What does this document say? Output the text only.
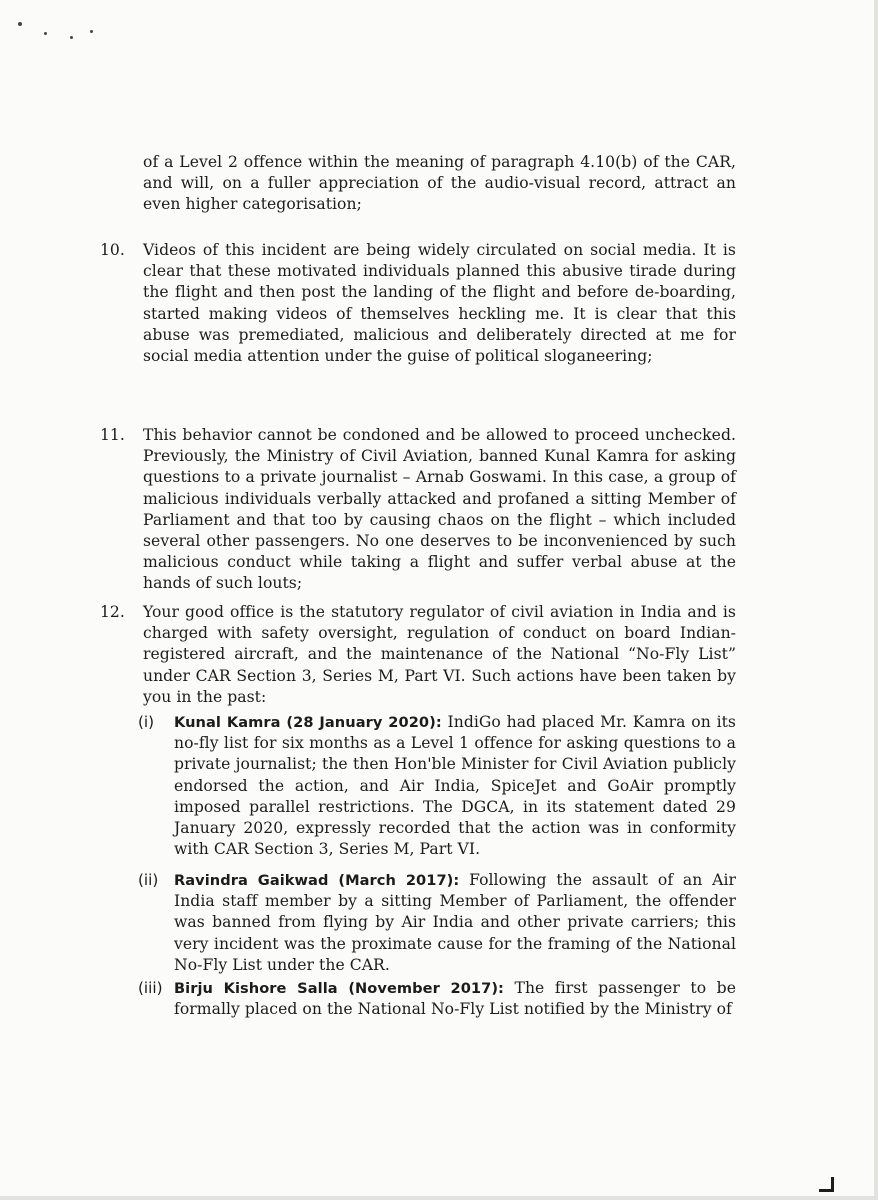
of a Level 2 offence within the meaning of paragraph 4.10(b) of the CAR, and will, on a fuller appreciation of the audio-visual record, attract an even higher categorisation;
10.	Videos of this incident are being widely circulated on social media. It is clear that these motivated individuals planned this abusive tirade during the flight and then post the landing of the flight and before de-boarding, started making videos of themselves heckling me. It is clear that this abuse was premediated, malicious and deliberately directed at me for social media attention under the guise of political sloganeering;
11.	This behavior cannot be condoned and be allowed to proceed unchecked. Previously, the Ministry of Civil Aviation, banned Kunal Kamra for asking questions to a private journalist – Arnab Goswami. In this case, a group of malicious individuals verbally attacked and profaned a sitting Member of Parliament and that too by causing chaos on the flight – which included several other passengers. No one deserves to be inconvenienced by such malicious conduct while taking a flight and suffer verbal abuse at the hands of such louts;
12.	Your good office is the statutory regulator of civil aviation in India and is charged with safety oversight, regulation of conduct on board Indian-registered aircraft, and the maintenance of the National “No-Fly List” under CAR Section 3, Series M, Part VI. Such actions have been taken by you in the past:
(i)	Kunal Kamra (28 January 2020): IndiGo had placed Mr. Kamra on its no-fly list for six months as a Level 1 offence for asking questions to a private journalist; the then Hon'ble Minister for Civil Aviation publicly endorsed the action, and Air India, SpiceJet and GoAir promptly imposed parallel restrictions. The DGCA, in its statement dated 29 January 2020, expressly recorded that the action was in conformity with CAR Section 3, Series M, Part VI.
(ii)	Ravindra Gaikwad (March 2017): Following the assault of an Air India staff member by a sitting Member of Parliament, the offender was banned from flying by Air India and other private carriers; this very incident was the proximate cause for the framing of the National No-Fly List under the CAR.
(iii) Birju Kishore Salla (November 2017): The first passenger to be formally placed on the National No-Fly List notified by the Ministry of
